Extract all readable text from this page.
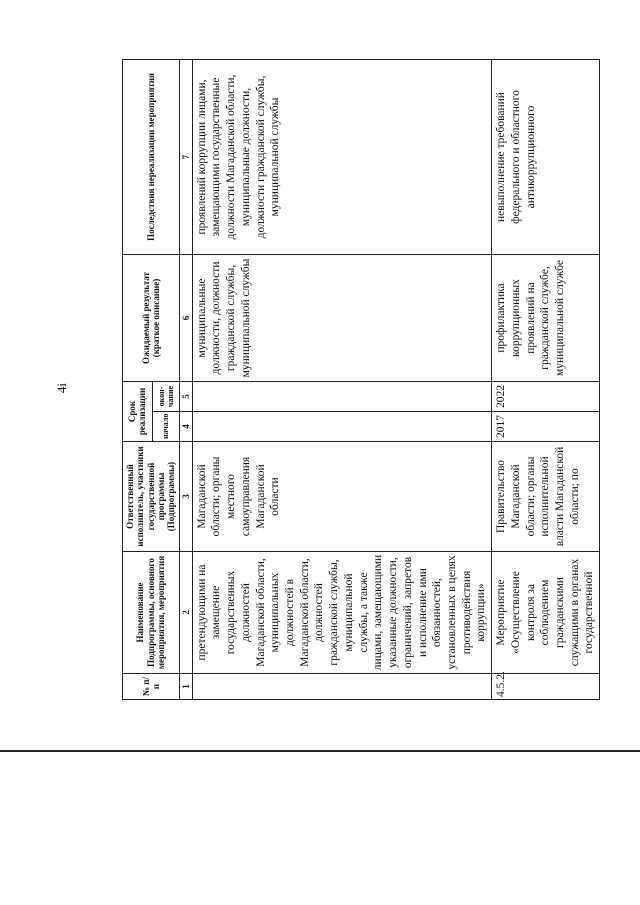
4i
№ п/п	Наименование Подпрограммы, основного мероприятия, мероприятия	Ответственный исполнитель, участники государственной программы (Подпрограммы)	Срок реализации		Ожидаемый результат (краткое описание)	Последствия нереализации мероприятия
			начало	окон-чание		
1	2	3	4	5	6	7
	претендующими на замещение государственных должностей Магаданской области, муниципальных должностей в Магаданской области, должностей гражданской службы, муниципальной службы, а также лицами, замещающими указанные должности, ограничений, запретов и исполнение ими обязанностей, установленных в целях противодействия коррупции»	Магаданской области; органы местного самоуправления Магаданской области			муниципальные должности, должности гражданской службы, муниципальной службы	проявлений коррупции лицами, замещающими государственные должности Магаданской области, муниципальные должности, должности гражданской службы, муниципальной службы
4.5.2.	Мероприятие «Осуществление контроля за соблюдением гражданскими служащими в органах государственной	Правительство Магаданской области; органы исполнительной власти Магаданской области; по	2017	2022	профилактика коррупционных проявлений на гражданской службе, муниципальной службе	невыполнение требований федерального и областного антикоррупционного
